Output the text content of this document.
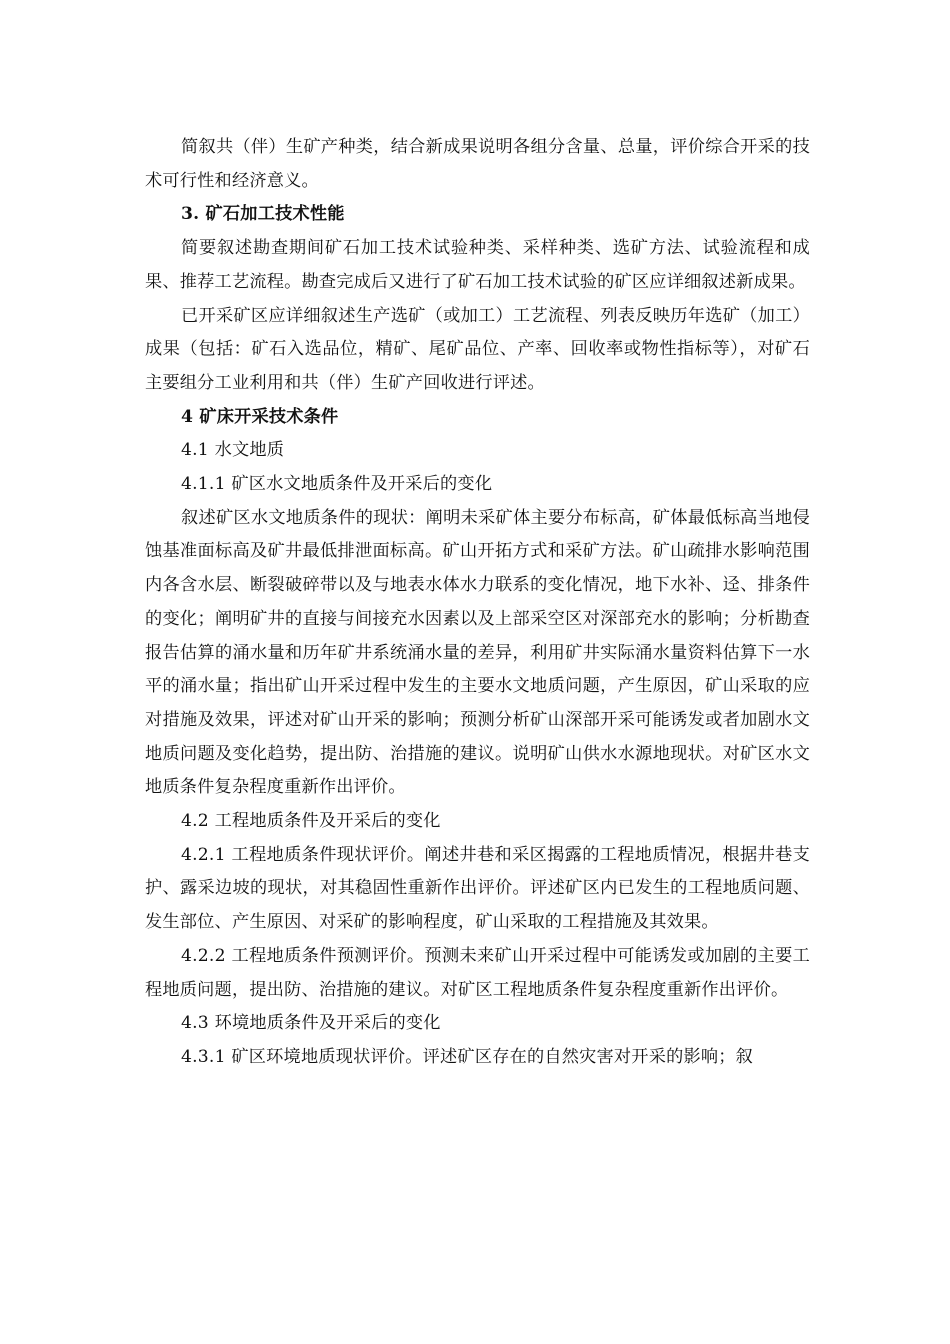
简叙共（伴）生矿产种类，结合新成果说明各组分含量、总量，评价综合开采的技术可行性和经济意义。

3. 矿石加工技术性能

简要叙述勘查期间矿石加工技术试验种类、采样种类、选矿方法、试验流程和成果、推荐工艺流程。勘查完成后又进行了矿石加工技术试验的矿区应详细叙述新成果。

已开采矿区应详细叙述生产选矿（或加工）工艺流程、列表反映历年选矿（加工）成果（包括：矿石入选品位，精矿、尾矿品位、产率、回收率或物性指标等），对矿石主要组分工业利用和共（伴）生矿产回收进行评述。

4 矿床开采技术条件

4.1 水文地质

4.1.1 矿区水文地质条件及开采后的变化

叙述矿区水文地质条件的现状：阐明未采矿体主要分布标高，矿体最低标高当地侵蚀基准面标高及矿井最低排泄面标高。矿山开拓方式和采矿方法。矿山疏排水影响范围内各含水层、断裂破碎带以及与地表水体水力联系的变化情况，地下水补、迳、排条件的变化；阐明矿井的直接与间接充水因素以及上部采空区对深部充水的影响；分析勘查报告估算的涌水量和历年矿井系统涌水量的差异，利用矿井实际涌水量资料估算下一水平的涌水量；指出矿山开采过程中发生的主要水文地质问题，产生原因，矿山采取的应对措施及效果，评述对矿山开采的影响；预测分析矿山深部开采可能诱发或者加剧水文地质问题及变化趋势，提出防、治措施的建议。说明矿山供水水源地现状。对矿区水文地质条件复杂程度重新作出评价。

4.2 工程地质条件及开采后的变化

4.2.1 工程地质条件现状评价。阐述井巷和采区揭露的工程地质情况，根据井巷支护、露采边坡的现状，对其稳固性重新作出评价。评述矿区内已发生的工程地质问题、发生部位、产生原因、对采矿的影响程度，矿山采取的工程措施及其效果。

4.2.2 工程地质条件预测评价。预测未来矿山开采过程中可能诱发或加剧的主要工程地质问题，提出防、治措施的建议。对矿区工程地质条件复杂程度重新作出评价。

4.3 环境地质条件及开采后的变化

4.3.1 矿区环境地质现状评价。评述矿区存在的自然灾害对开采的影响；叙
